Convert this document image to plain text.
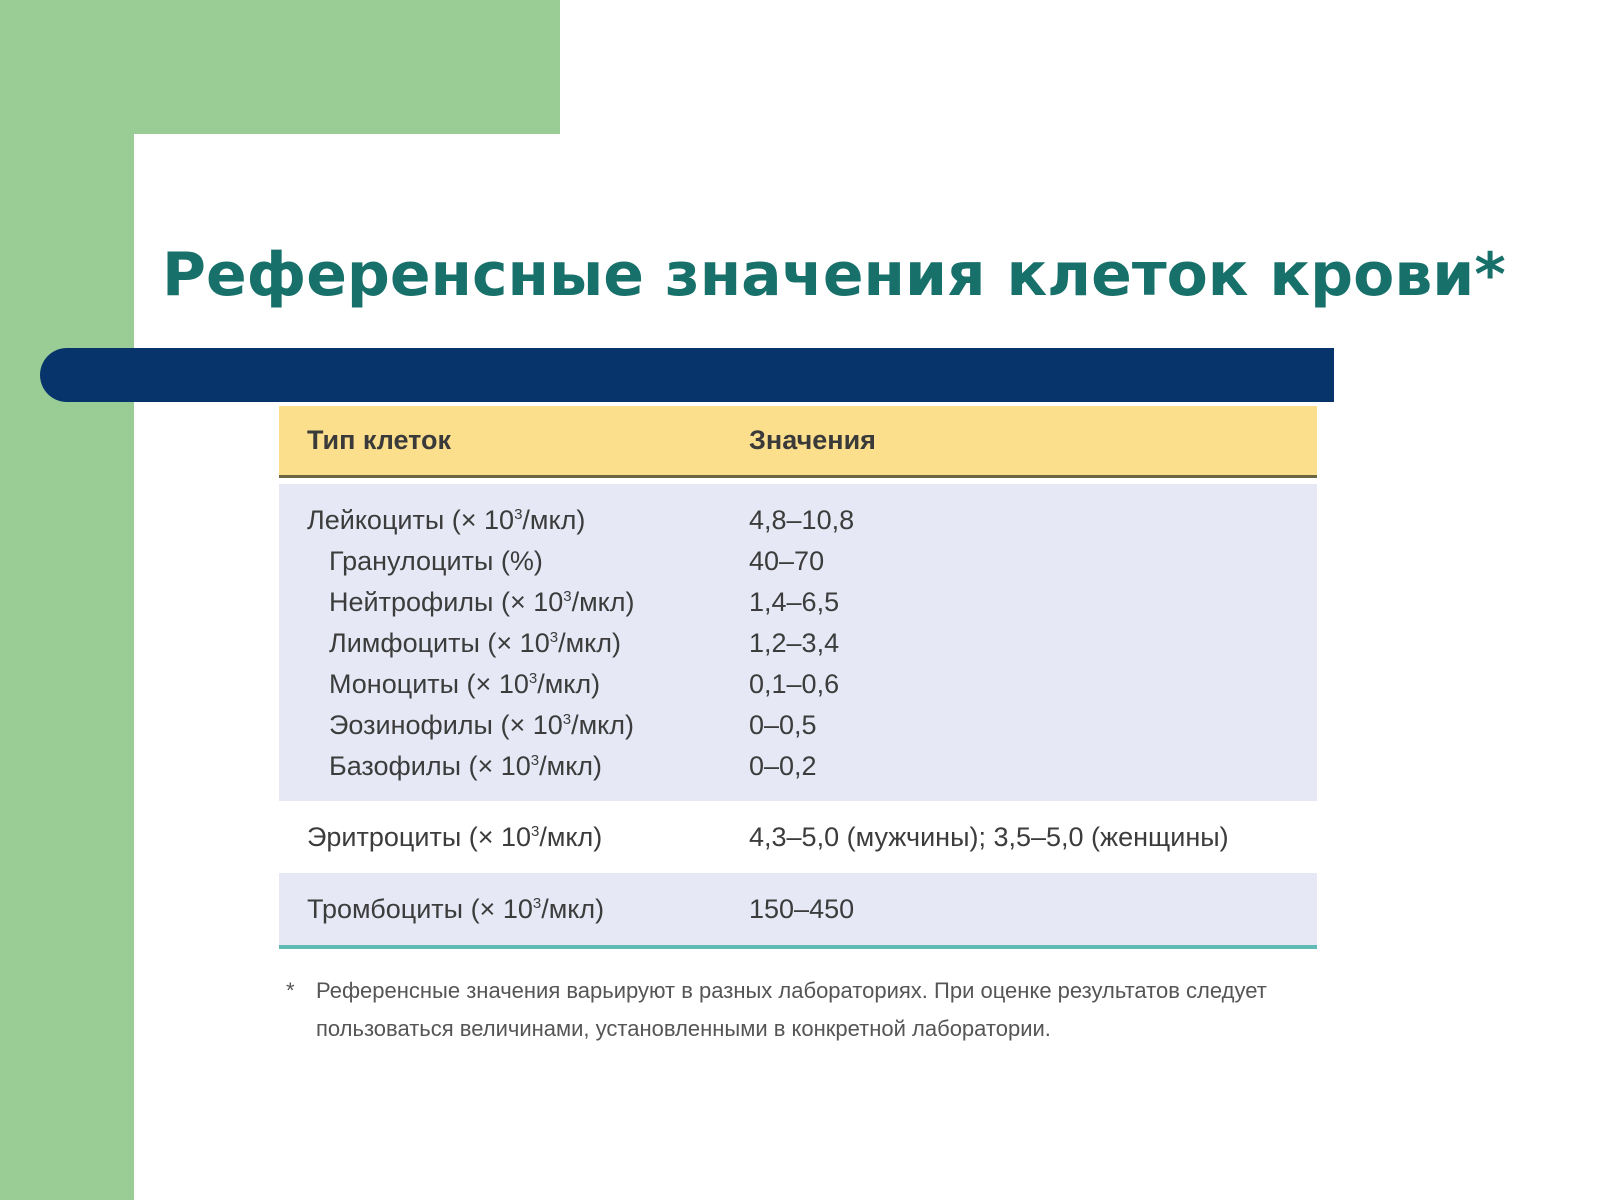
Референсные значения клеток крови*
Тип клеток	Значения
Лейкоциты (× $10^3/мкл$)	4,8–10,8
Гранулоциты (%)	40–70
Нейтрофилы (× $10^3/мкл$)	1,4–6,5
Лимфоциты (× $10^3/мкл$)	1,2–3,4
Моноциты (× $10^3/мкл$)	0,1–0,6
Эозинофилы (× $10^3/мкл$)	0–0,5
Базофилы (× $10^3/мкл$)	0–0,2
Эритроциты (× $10^3/мкл$)	4,3–5,0 (мужчины); 3,5–5,0 (женщины)
Тромбоциты (× $10^3/мкл$)	150–450
* Референсные значения варьируют в разных лабораториях. При оценке результатов следует пользоваться величинами, установленными в конкретной лаборатории.
